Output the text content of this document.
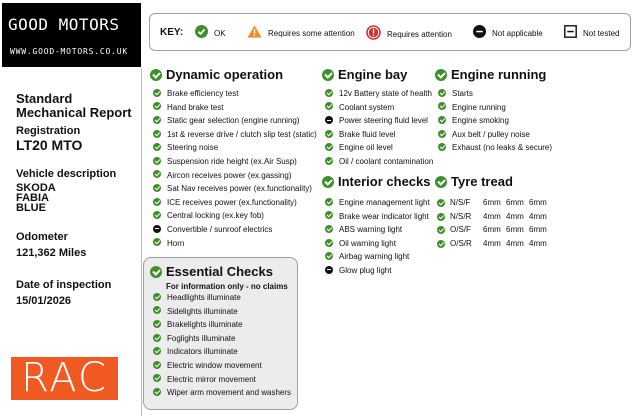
GOOD MOTORS
WWW.GOOD-MOTORS.CO.UK
Standard
Mechanical Report
Registration
LT20 MTO
Vehicle description
SKODA
FABIA
BLUE
Odometer
121,362 Miles
Date of inspection
15/01/2026
RAC
KEY:	OK	Requires some attention	Requires attention	Not applicable	Not tested
Dynamic operation	Engine bay	Engine running
Interior checks	Tyre tread
Essential Checks
For information only - no claims
Brake efficiency test
Hand brake test
Static gear selection (engine running)
1st & reverse drive / clutch slip test (static)
Steering noise
Suspension ride height (ex.Air Susp)
Aircon receives power (ex.gassing)
Sat Nav receives power (ex.functionality)
ICE receives power (ex.functionality)
Central locking (ex.key fob)
Convertible / sunroof electrics
Horn
Headlights illuminate
Sidelights illuminate
Brakelights illuminate
Foglights illuminate
Indicators illuminate
Electric window movement
Electric mirror movement
Wiper arm movement and washers
12v Battery state of health
Coolant system
Power steering fluid level
Brake fluid level
Engine oil level
Oil / coolant contamination
Engine management light
Brake wear indicator light
ABS warning light
Oil warning light
Airbag warning light
Glow plug light
Starts
Engine running
Engine smoking
Aux belt / pulley noise
Exhaust (no leaks & secure)
N/S/F 6mm 6mm 6mm
N/S/R 4mm 4mm 4mm
O/S/F 6mm 6mm 6mm
O/S/R 4mm 4mm 4mm
